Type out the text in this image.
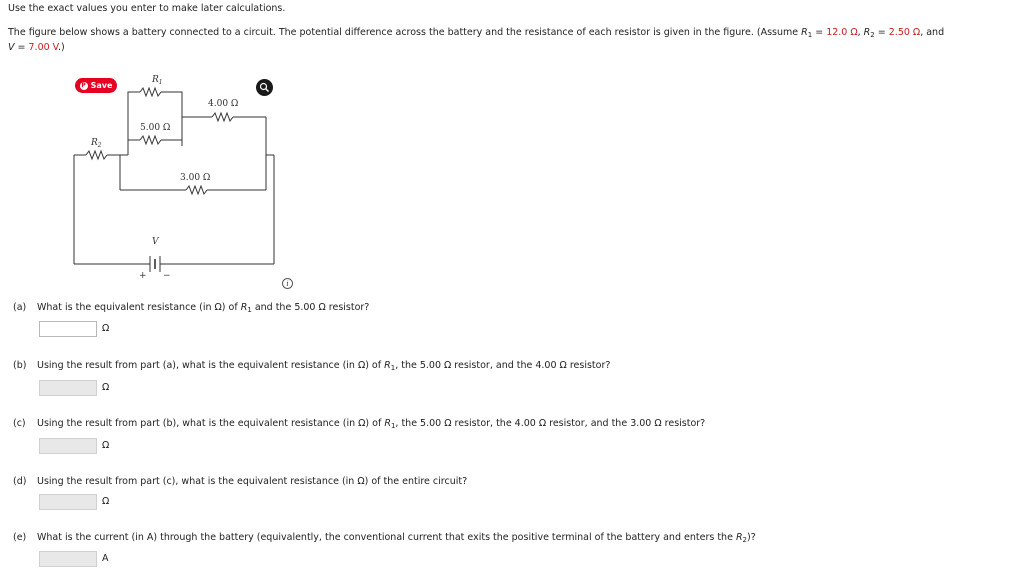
Use the exact values you enter to make later calculations.
The figure below shows a battery connected to a circuit. The potential difference across the battery and the resistance of each resistor is given in the figure. (Assume $R_1 = 12.0$ Ω, $R_2 = 2.50$ Ω, and
V = 7.00 V.)
$R_1$
$R_2$
4.00 Ω
5.00 Ω
3.00 Ω
V
+ −
P Save
i
(a) What is the equivalent resistance (in Ω) of $R_1$ and the 5.00 Ω resistor?
Ω
(b) Using the result from part (a), what is the equivalent resistance (in Ω) of $R_1$, the 5.00 Ω resistor, and the 4.00 Ω resistor?
Ω
(c) Using the result from part (b), what is the equivalent resistance (in Ω) of $R_1$, the 5.00 Ω resistor, the 4.00 Ω resistor, and the 3.00 Ω resistor?
Ω
(d) Using the result from part (c), what is the equivalent resistance (in Ω) of the entire circuit?
Ω
(e) What is the current (in A) through the battery (equivalently, the conventional current that exits the positive terminal of the battery and enters the $R_2$)?
A
